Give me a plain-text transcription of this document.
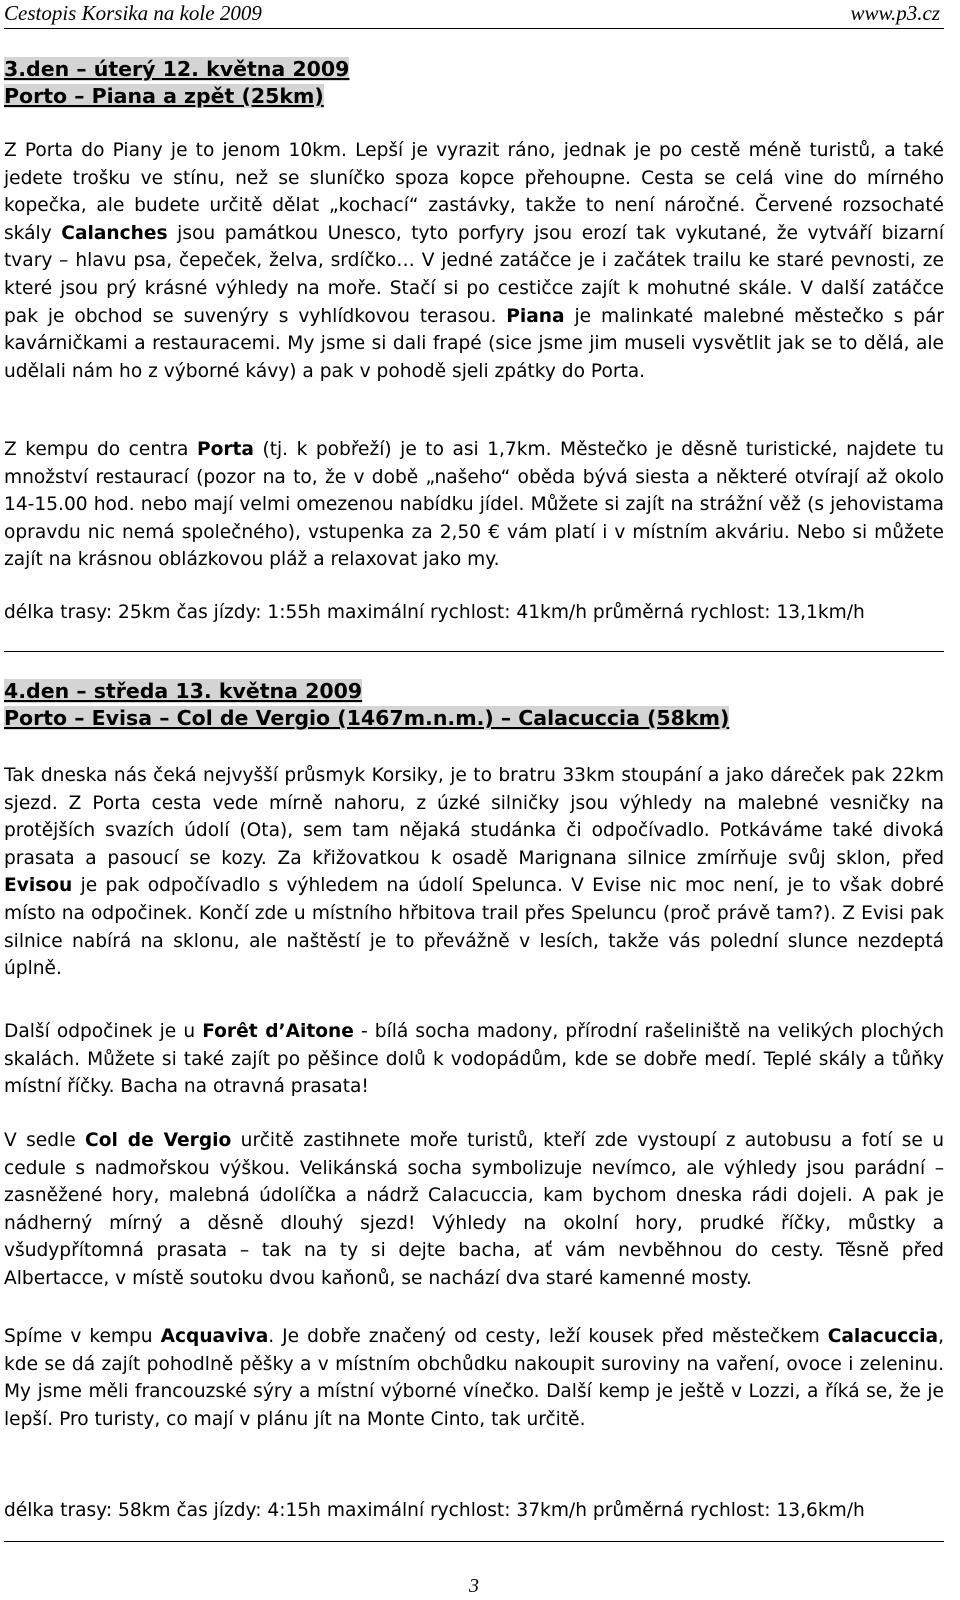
Cestopis Korsika na kole 2009	www.p3.cz
3.den – úterý 12. května 2009
Porto – Piana a zpět (25km)

Z Porta do Piany je to jenom 10km. Lepší je vyrazit ráno, jednak je po cestě méně turistů, a také jedete trošku ve stínu, než se sluníčko spoza kopce přehoupne. Cesta se celá vine do mírného kopečka, ale budete určitě dělat „kochací“ zastávky, takže to není náročné. Červené rozsochaté skály Calanches jsou památkou Unesco, tyto porfyry jsou erozí tak vykutané, že vytváří bizarní tvary – hlavu psa, čepeček, želva, srdíčko… V jedné zatáčce je i začátek trailu ke staré pevnosti, ze které jsou prý krásné výhledy na moře. Stačí si po cestičce zajít k mohutné skále. V další zatáčce pak je obchod se suvenýry s vyhlídkovou terasou. Piana je malinkaté malebné městečko s pár kavárničkami a restauracemi. My jsme si dali frapé (sice jsme jim museli vysvětlit jak se to dělá, ale udělali nám ho z výborné kávy) a pak v pohodě sjeli zpátky do Porta.

Z kempu do centra Porta (tj. k pobřeží) je to asi 1,7km. Městečko je děsně turistické, najdete tu množství restaurací (pozor na to, že v době „našeho“ oběda bývá siesta a některé otvírají až okolo 14-15.00 hod. nebo mají velmi omezenou nabídku jídel. Můžete si zajít na strážní věž (s jehovistama opravdu nic nemá společného), vstupenka za 2,50 € vám platí i v místním akváriu. Nebo si můžete zajít na krásnou oblázkovou pláž a relaxovat jako my.

délka trasy: 25km čas jízdy: 1:55h maximální rychlost: 41km/h průměrná rychlost: 13,1km/h
4.den – středa 13. května 2009
Porto – Evisa – Col de Vergio (1467m.n.m.) – Calacuccia (58km)

Tak dneska nás čeká nejvyšší průsmyk Korsiky, je to bratru 33km stoupání a jako dáreček pak 22km sjezd. Z Porta cesta vede mírně nahoru, z úzké silničky jsou výhledy na malebné vesničky na protějších svazích údolí (Ota), sem tam nějaká studánka či odpočívadlo. Potkáváme také divoká prasata a pasoucí se kozy. Za křižovatkou k osadě Marignana silnice zmírňuje svůj sklon, před Evisou je pak odpočívadlo s výhledem na údolí Spelunca. V Evise nic moc není, je to však dobré místo na odpočinek. Končí zde u místního hřbitova trail přes Speluncu (proč právě tam?). Z Evisi pak silnice nabírá na sklonu, ale naštěstí je to převážně v lesích, takže vás polední slunce nezdeptá úplně.

Další odpočinek je u Forêt d’Aitone - bílá socha madony, přírodní rašeliniště na velikých plochých skalách. Můžete si také zajít po pěšince dolů k vodopádům, kde se dobře medí. Teplé skály a tůňky místní říčky. Bacha na otravná prasata!

V sedle Col de Vergio určitě zastihnete moře turistů, kteří zde vystoupí z autobusu a fotí se u cedule s nadmořskou výškou. Velikánská socha symbolizuje nevímco, ale výhledy jsou parádní – zasněžené hory, malebná údolíčka a nádrž Calacuccia, kam bychom dneska rádi dojeli. A pak je nádherný mírný a děsně dlouhý sjezd! Výhledy na okolní hory, prudké říčky, můstky a všudypřítomná prasata – tak na ty si dejte bacha, ať vám nevběhnou do cesty. Těsně před Albertacce, v místě soutoku dvou kaňonů, se nachází dva staré kamenné mosty.

Spíme v kempu Acquaviva. Je dobře značený od cesty, leží kousek před městečkem Calacuccia, kde se dá zajít pohodlně pěšky a v místním obchůdku nakoupit suroviny na vaření, ovoce i zeleninu. My jsme měli francouzské sýry a místní výborné vínečko. Další kemp je ještě v Lozzi, a říká se, že je lepší. Pro turisty, co mají v plánu jít na Monte Cinto, tak určitě.

délka trasy: 58km čas jízdy: 4:15h maximální rychlost: 37km/h průměrná rychlost: 13,6km/h
3
